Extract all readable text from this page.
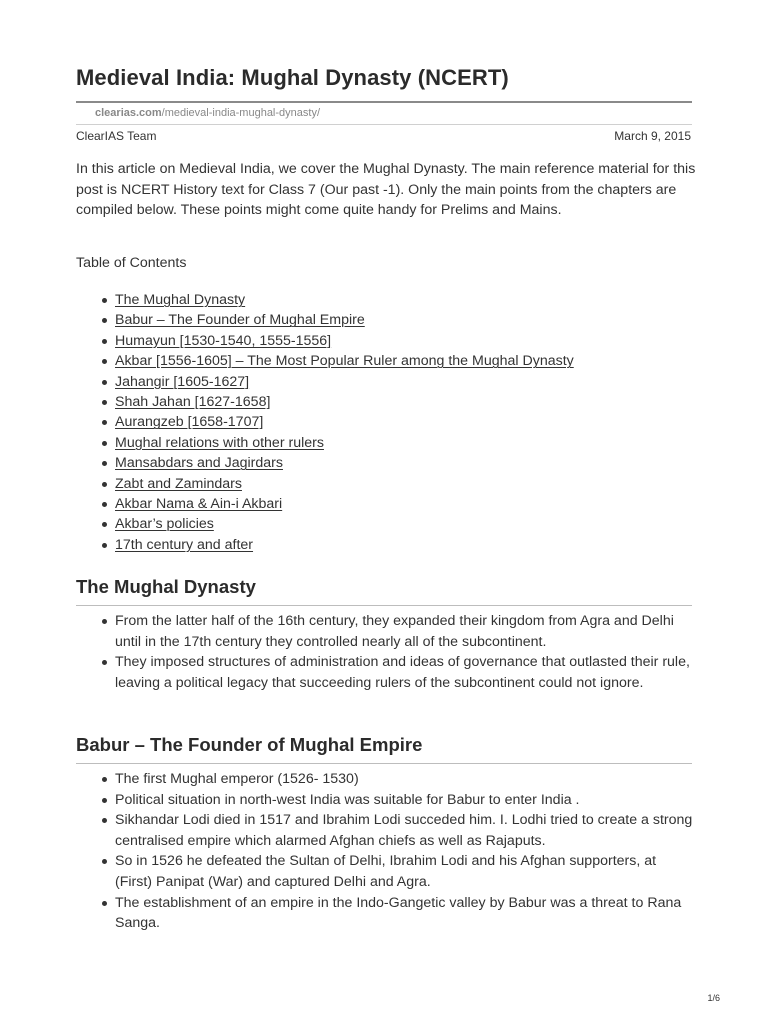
Medieval India: Mughal Dynasty (NCERT)
clearias.com/medieval-india-mughal-dynasty/
ClearIAS Team	March 9, 2015

In this article on Medieval India, we cover the Mughal Dynasty. The main reference material for this post is NCERT History text for Class 7 (Our past -1). Only the main points from the chapters are compiled below. These points might come quite handy for Prelims and Mains.

Table of Contents

The Mughal Dynasty
Babur – The Founder of Mughal Empire
Humayun [1530-1540, 1555-1556]
Akbar [1556-1605] – The Most Popular Ruler among the Mughal Dynasty
Jahangir [1605-1627]
Shah Jahan [1627-1658]
Aurangzeb [1658-1707]
Mughal relations with other rulers
Mansabdars and Jagirdars
Zabt and Zamindars
Akbar Nama & Ain-i Akbari
Akbar’s policies
17th century and after
The Mughal Dynasty
From the latter half of the 16th century, they expanded their kingdom from Agra and Delhi until in the 17th century they controlled nearly all of the subcontinent.
They imposed structures of administration and ideas of governance that outlasted their rule, leaving a political legacy that succeeding rulers of the subcontinent could not ignore.
Babur – The Founder of Mughal Empire
The first Mughal emperor (1526- 1530)
Political situation in north-west India was suitable for Babur to enter India .
Sikhandar Lodi died in 1517 and Ibrahim Lodi succeded him. I. Lodhi tried to create a strong centralised empire which alarmed Afghan chiefs as well as Rajaputs.
So in 1526 he defeated the Sultan of Delhi, Ibrahim Lodi and his Afghan supporters, at (First) Panipat (War) and captured Delhi and Agra.
The establishment of an empire in the Indo-Gangetic valley by Babur was a threat to Rana Sanga.
1/6
